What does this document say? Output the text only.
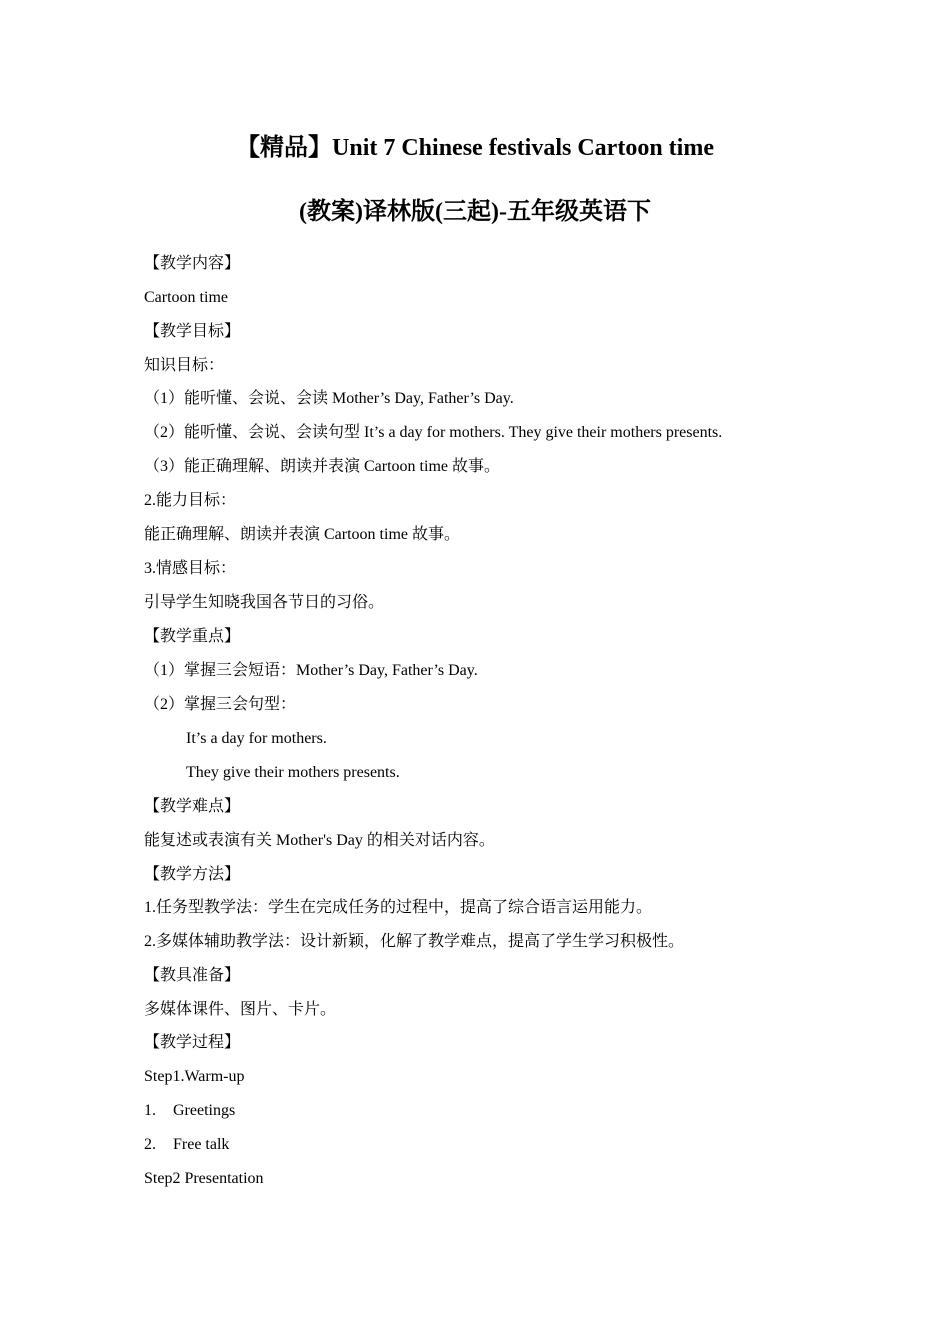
【精品】Unit 7 Chinese festivals Cartoon time
(教案)译林版(三起)-五年级英语下
【教学内容】
Cartoon time
【教学目标】
知识目标：
（1）能听懂、会说、会读 Mother’s Day, Father’s Day.
（2）能听懂、会说、会读句型 It’s a day for mothers. They give their mothers presents.
（3）能正确理解、朗读并表演 Cartoon time 故事。
2.能力目标：
能正确理解、朗读并表演 Cartoon time 故事。
3.情感目标：
引导学生知晓我国各节日的习俗。
【教学重点】
（1）掌握三会短语：Mother’s Day, Father’s Day.
（2）掌握三会句型：
It’s a day for mothers.
They give their mothers presents.
【教学难点】
能复述或表演有关 Mother's Day 的相关对话内容。
【教学方法】
1.任务型教学法：学生在完成任务的过程中，提高了综合语言运用能力。
2.多媒体辅助教学法：设计新颖，化解了教学难点，提高了学生学习积极性。
【教具准备】
多媒体课件、图片、卡片。
【教学过程】
Step1.Warm-up
1. Greetings
2. Free talk
Step2 Presentation
